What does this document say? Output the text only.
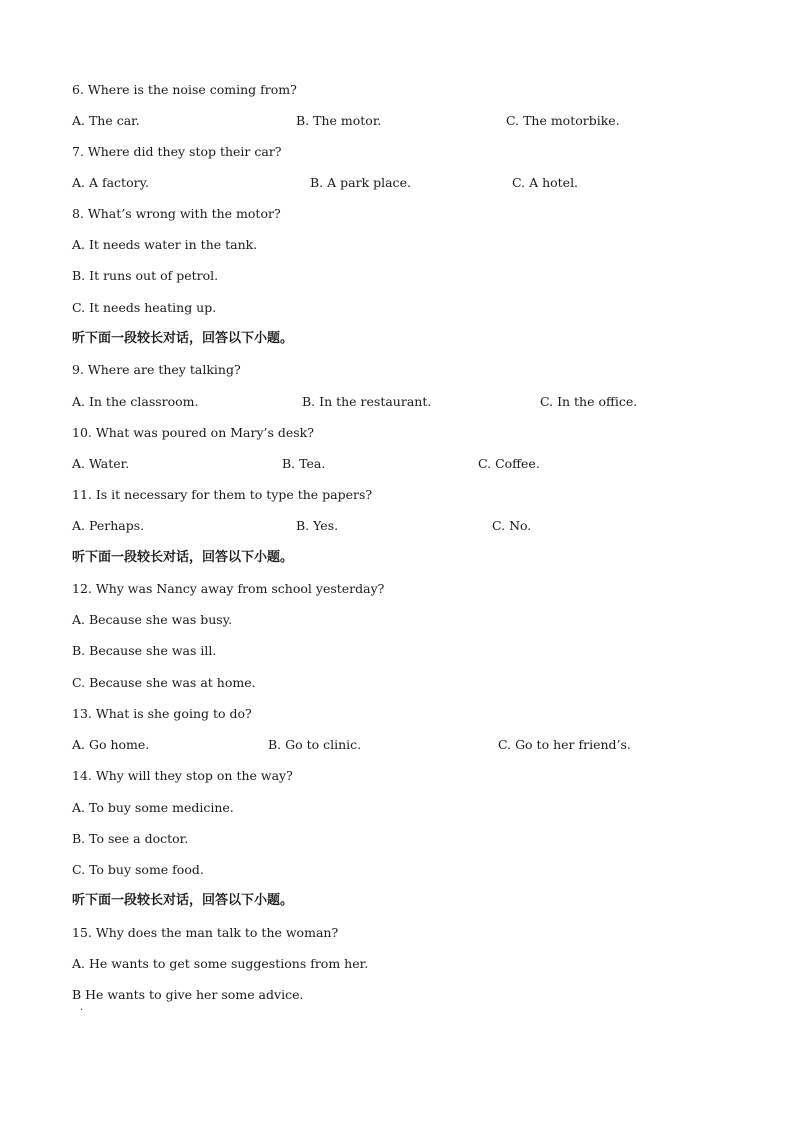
6. Where is the noise coming from?
A. The car.	B. The motor.	C. The motorbike.
7. Where did they stop their car?
A. A factory.	B. A park place.	C. A hotel.
8. What’s wrong with the motor?
A. It needs water in the tank.
B. It runs out of petrol.
C. It needs heating up.
听下面一段较长对话，回答以下小题。
9. Where are they talking?
A. In the classroom.	B. In the restaurant.	C. In the office.
10. What was poured on Mary’s desk?
A. Water.	B. Tea.	C. Coffee.
11. Is it necessary for them to type the papers?
A. Perhaps.	B. Yes.	C. No.
听下面一段较长对话，回答以下小题。
12. Why was Nancy away from school yesterday?
A. Because she was busy.
B. Because she was ill.
C. Because she was at home.
13. What is she going to do?
A. Go home.	B. Go to clinic.	C. Go to her friend’s.
14. Why will they stop on the way?
A. To buy some medicine.
B. To see a doctor.
C. To buy some food.
听下面一段较长对话，回答以下小题。
15. Why does the man talk to the woman?
A. He wants to get some suggestions from her.
B He wants to give her some advice.
·
